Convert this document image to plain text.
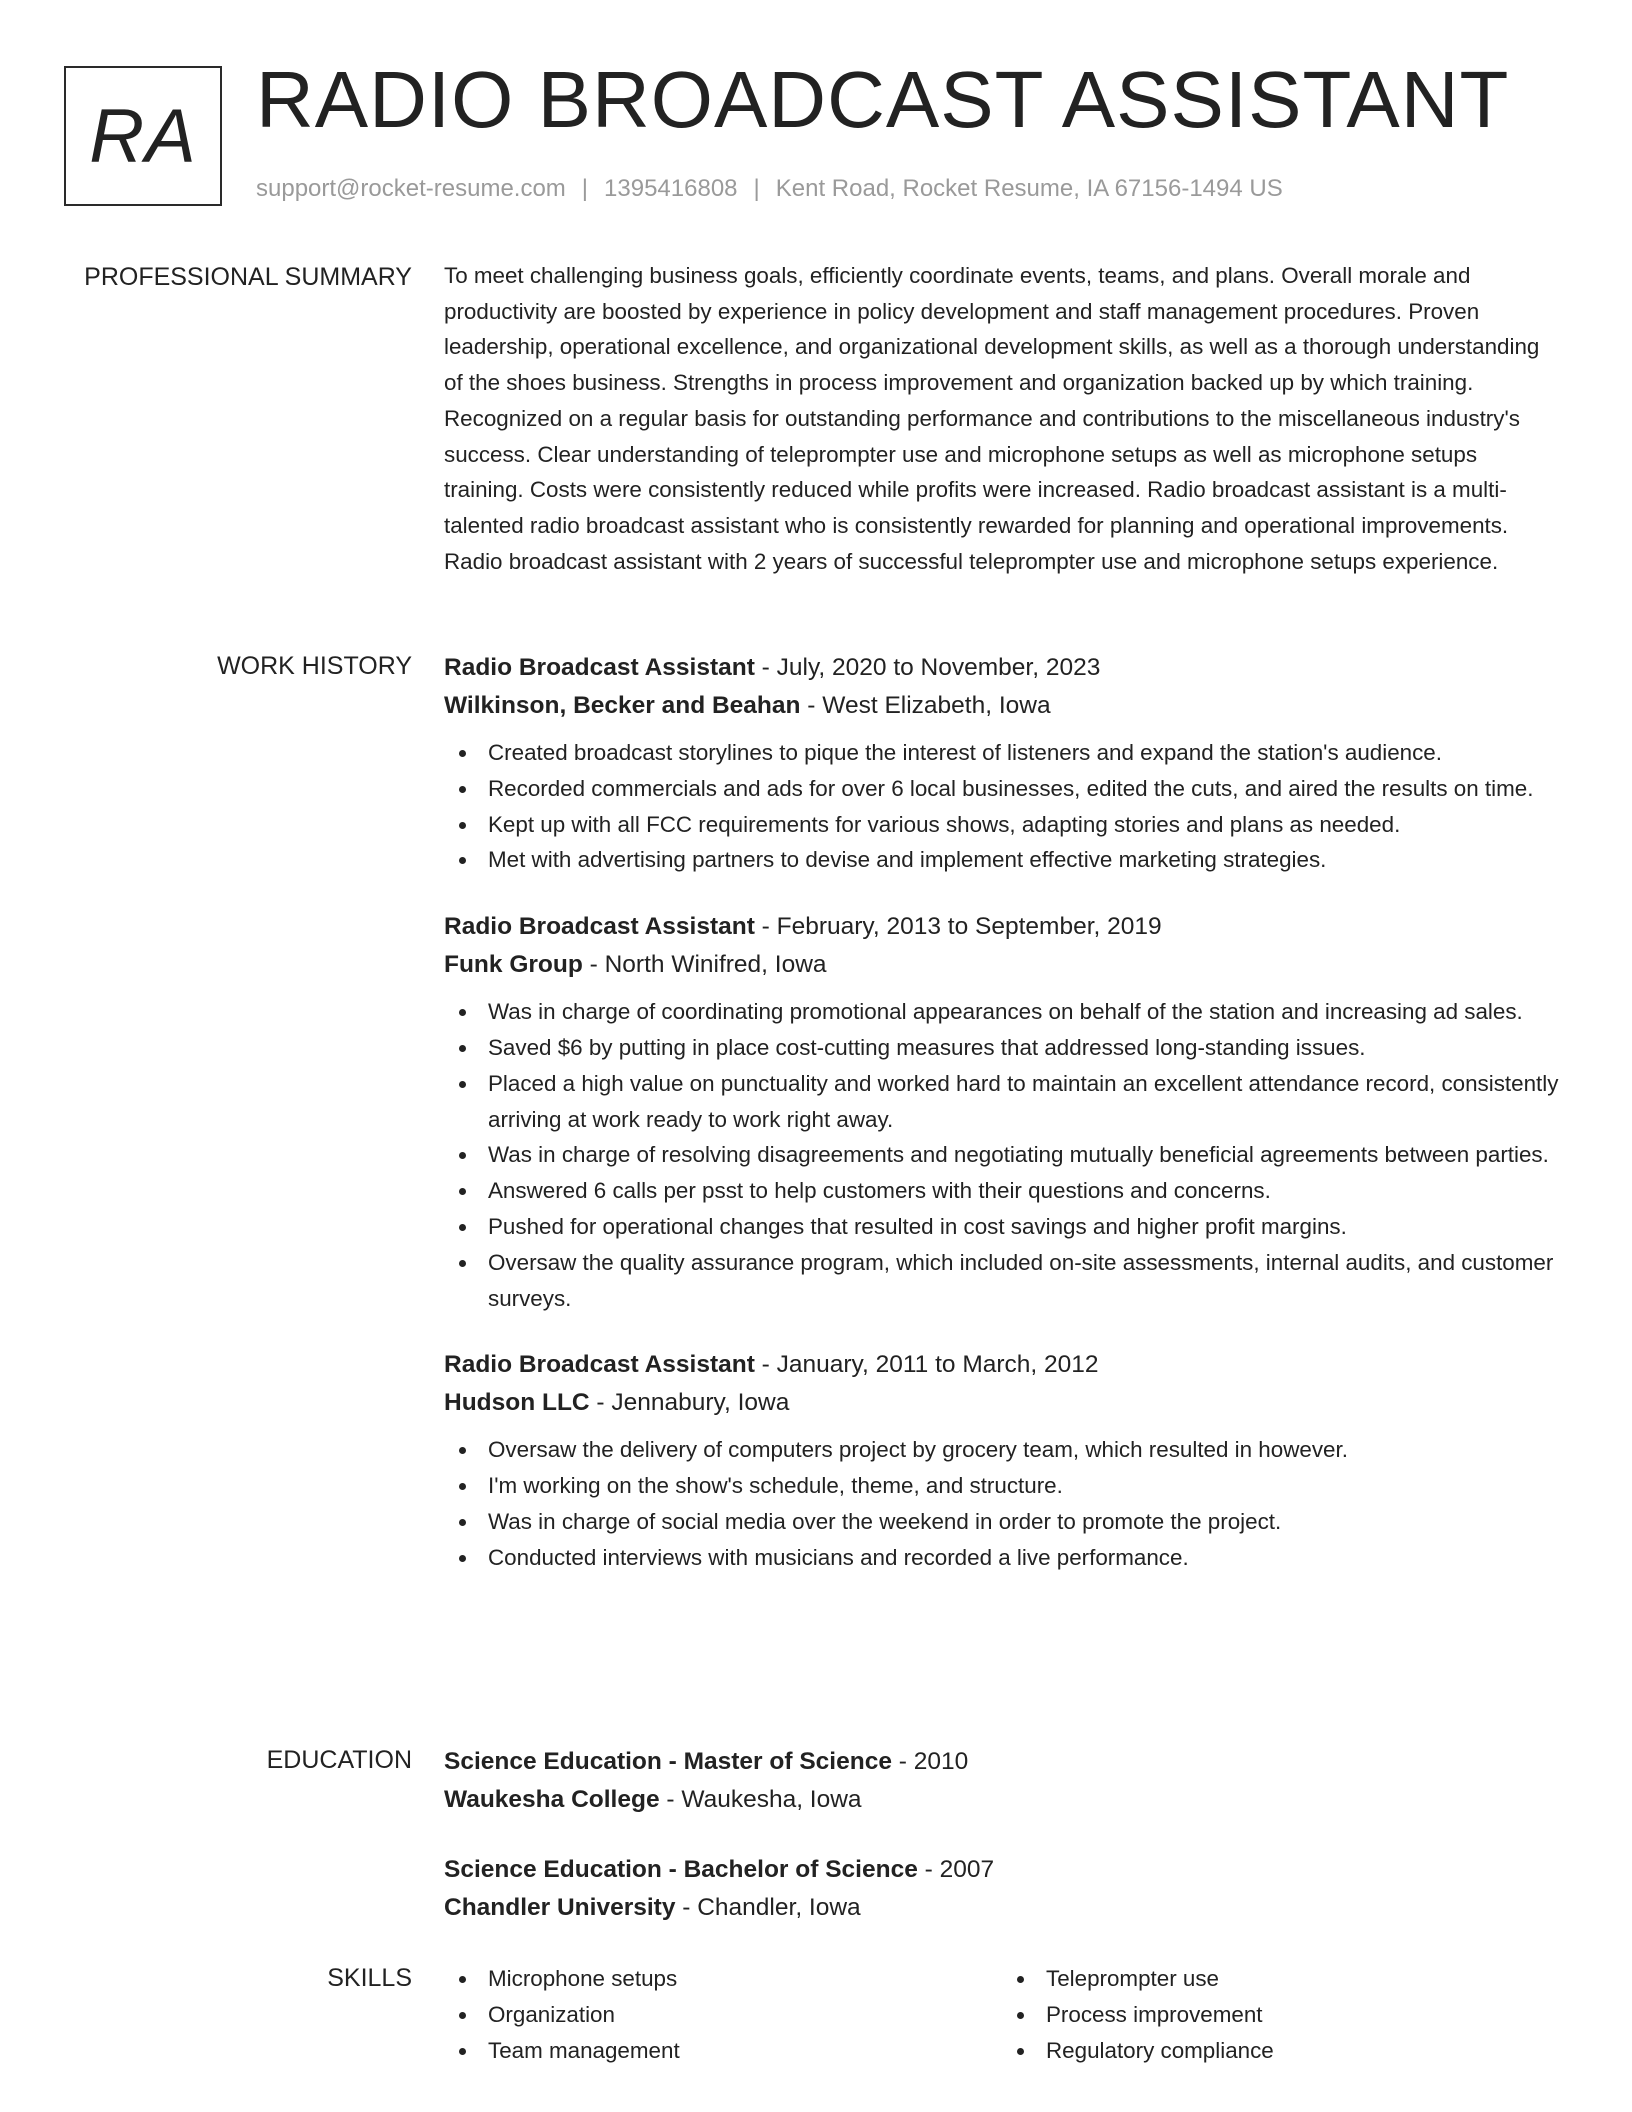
RA RADIO BROADCAST ASSISTANT
support@rocket-resume.com | 1395416808 | Kent Road, Rocket Resume, IA 67156-1494 US
PROFESSIONAL SUMMARY To meet challenging business goals, efficiently coordinate events, teams, and plans. Overall morale and productivity are boosted by experience in policy development and staff management procedures. Proven leadership, operational excellence, and organizational development skills, as well as a thorough understanding of the shoes business. Strengths in process improvement and organization backed up by which training. Recognized on a regular basis for outstanding performance and contributions to the miscellaneous industry's success. Clear understanding of teleprompter use and microphone setups as well as microphone setups training. Costs were consistently reduced while profits were increased. Radio broadcast assistant is a multi-talented radio broadcast assistant who is consistently rewarded for planning and operational improvements. Radio broadcast assistant with 2 years of successful teleprompter use and microphone setups experience.

WORK HISTORY Radio Broadcast Assistant - July, 2020 to November, 2023

Wilkinson, Becker and Beahan - West Elizabeth, Iowa

Created broadcast storylines to pique the interest of listeners and expand the station's audience.
Recorded commercials and ads for over 6 local businesses, edited the cuts, and aired the results on time.
Kept up with all FCC requirements for various shows, adapting stories and plans as needed.
Met with advertising partners to devise and implement effective marketing strategies.

Radio Broadcast Assistant - February, 2013 to September, 2019

Funk Group - North Winifred, Iowa

Was in charge of coordinating promotional appearances on behalf of the station and increasing ad sales.
Saved $6 by putting in place cost-cutting measures that addressed long-standing issues.
Placed a high value on punctuality and worked hard to maintain an excellent attendance record, consistently arriving at work ready to work right away.
Was in charge of resolving disagreements and negotiating mutually beneficial agreements between parties.
Answered 6 calls per psst to help customers with their questions and concerns.
Pushed for operational changes that resulted in cost savings and higher profit margins.
Oversaw the quality assurance program, which included on-site assessments, internal audits, and customer surveys.

Radio Broadcast Assistant - January, 2011 to March, 2012

Hudson LLC - Jennabury, Iowa

Oversaw the delivery of computers project by grocery team, which resulted in however.
I'm working on the show's schedule, theme, and structure.
Was in charge of social media over the weekend in order to promote the project.
Conducted interviews with musicians and recorded a live performance.
EDUCATION Science Education - Master of Science - 2010

Waukesha College - Waukesha, Iowa

Science Education - Bachelor of Science - 2007

Chandler University - Chandler, Iowa

SKILLS	Microphone setups
Organization
Team management
Teleprompter use
Process improvement
Regulatory compliance
